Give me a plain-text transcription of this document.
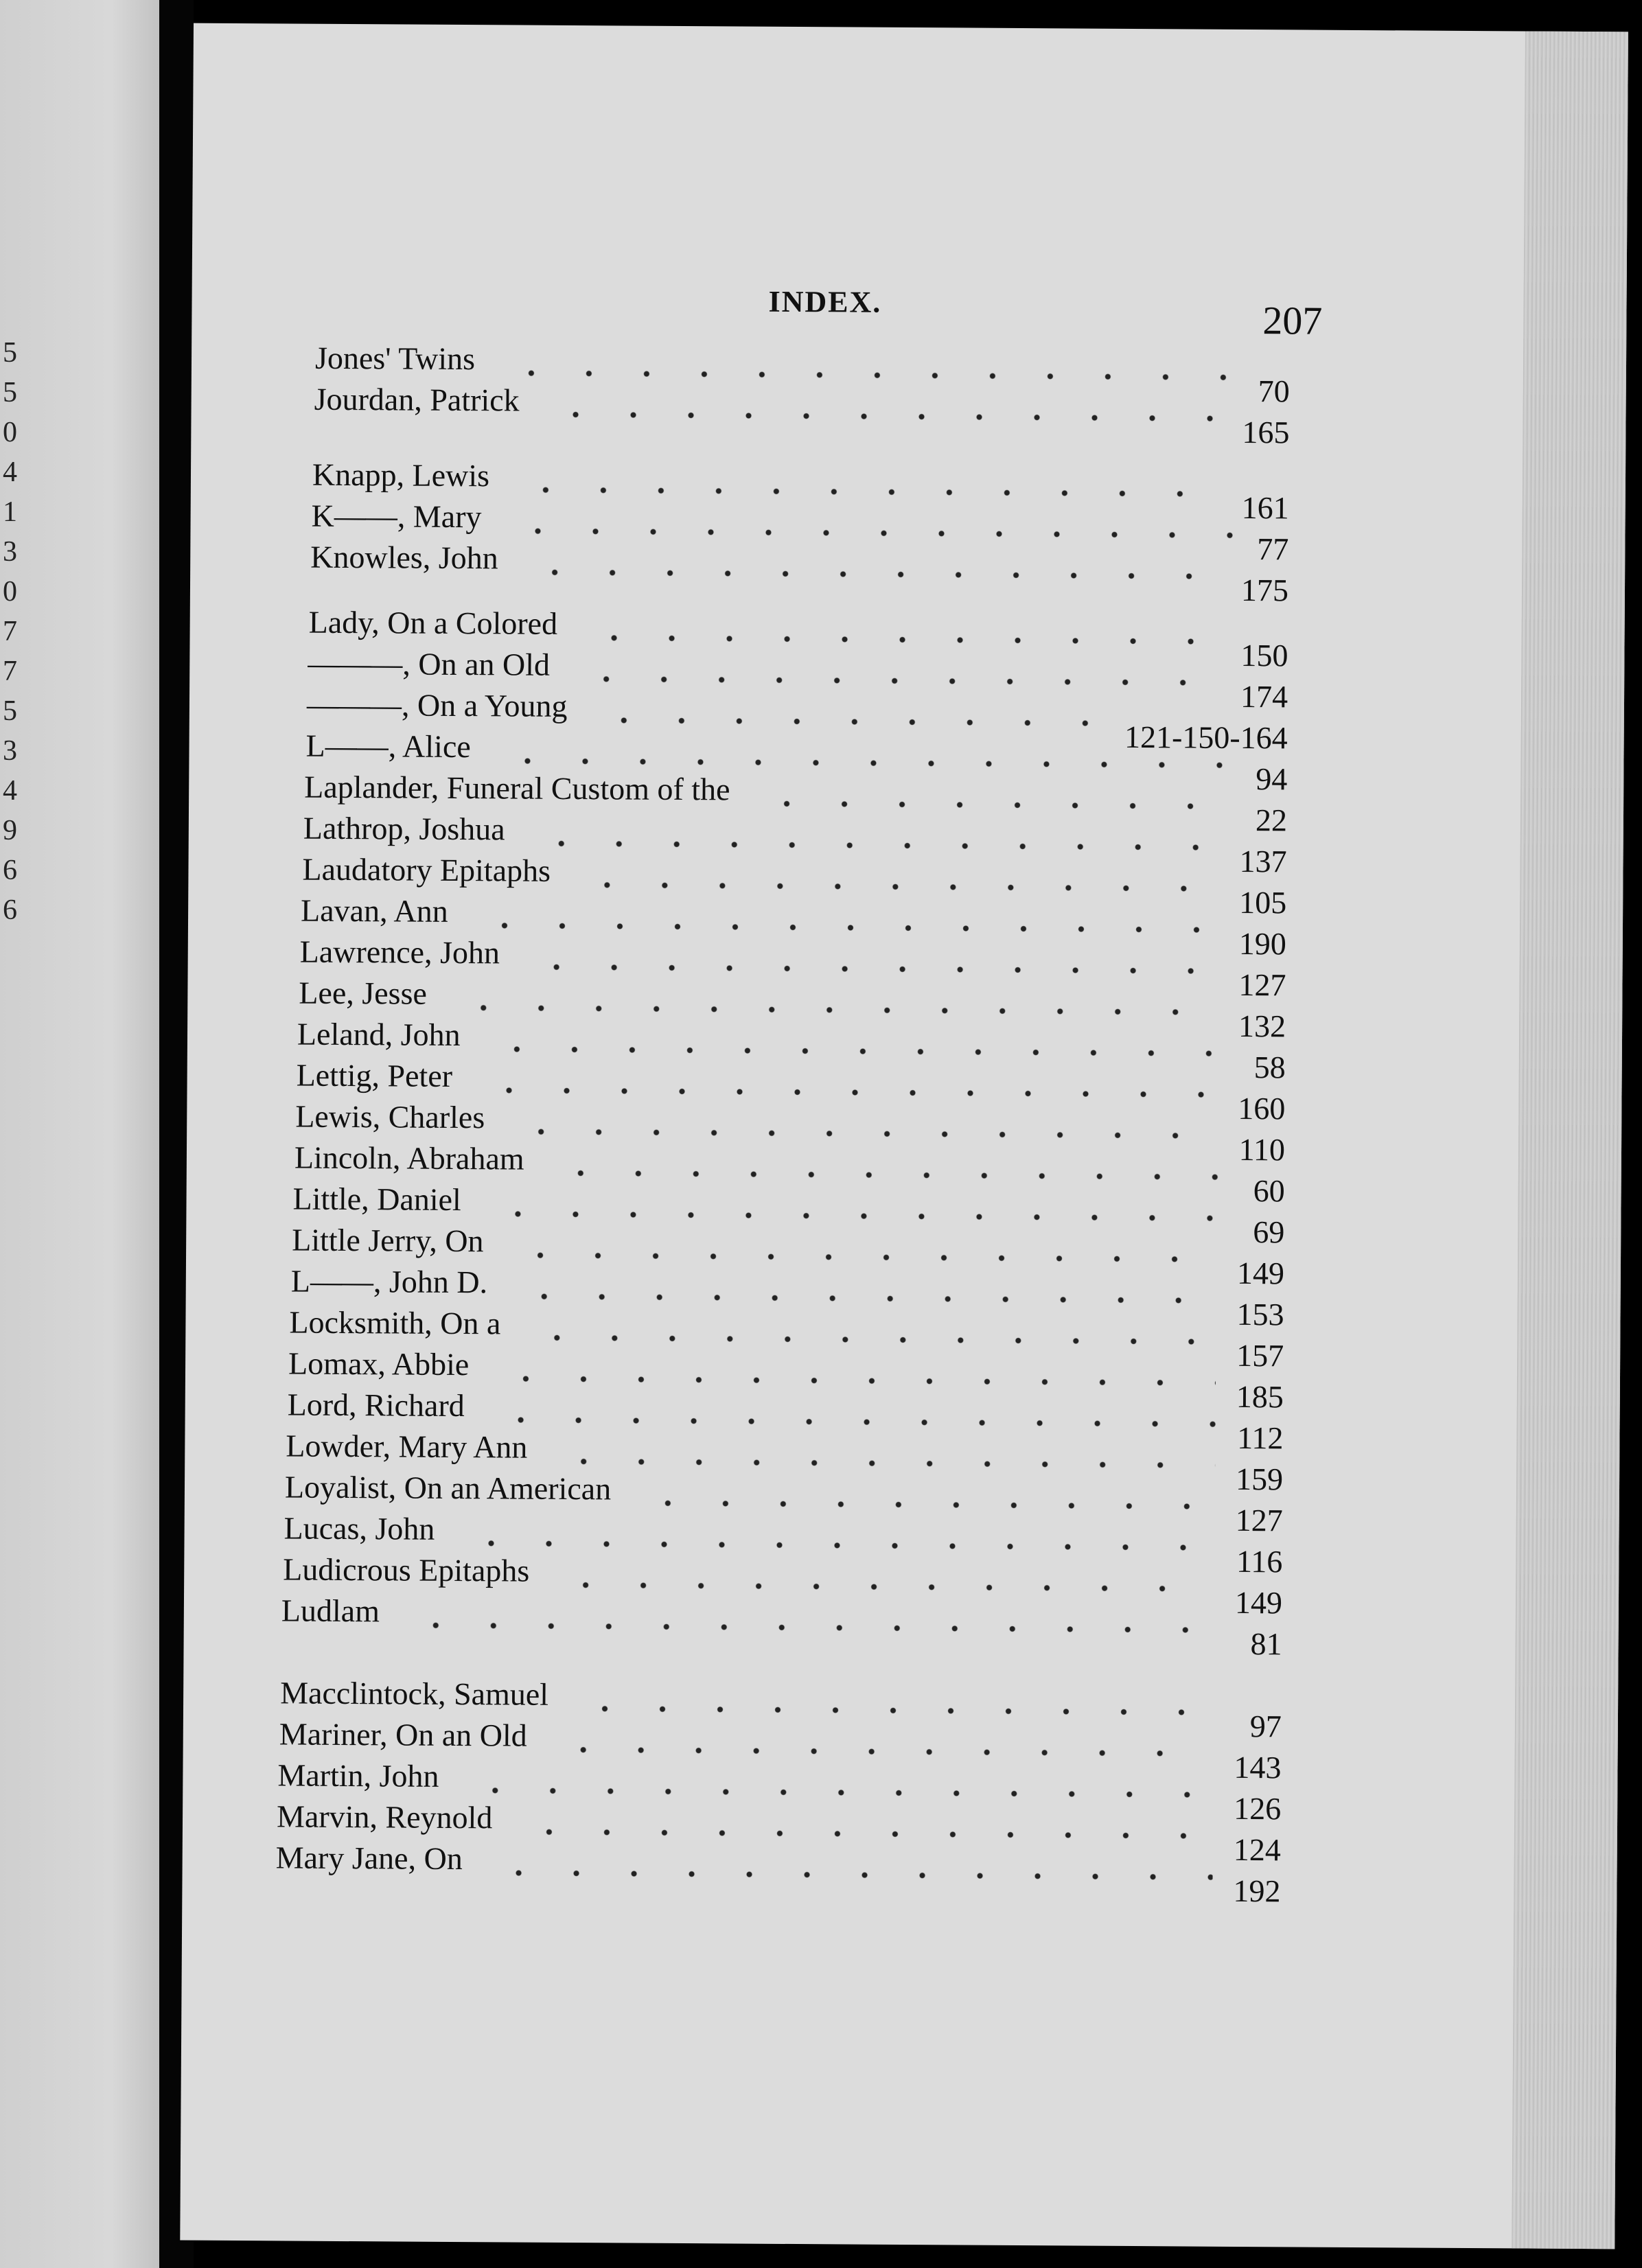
5
5
0
4
1
3
0
7
7
5
3
4
9
6
6
INDEX.	207
Jones' Twins
70
Jourdan, Patrick
165
Knapp, Lewis
161
K——, Mary
77
Knowles, John
175
Lady, On a Colored
150
———, On an Old
174
———, On a Young
121-150-164
L——, Alice
94
Laplander, Funeral Custom of the
22
Lathrop, Joshua
137
Laudatory Epitaphs
105
Lavan, Ann
190
Lawrence, John
127
Lee, Jesse
132
Leland, John
58
Lettig, Peter
160
Lewis, Charles
110
Lincoln, Abraham
60
Little, Daniel
69
Little Jerry, On
149
L——, John D.
153
Locksmith, On a
157
Lomax, Abbie
185
Lord, Richard
112
Lowder, Mary Ann
159
Loyalist, On an American
127
Lucas, John
116
Ludicrous Epitaphs
149
Ludlam
81
Macclintock, Samuel
97
Mariner, On an Old
143
Martin, John
126
Marvin, Reynold
124
Mary Jane, On
192
